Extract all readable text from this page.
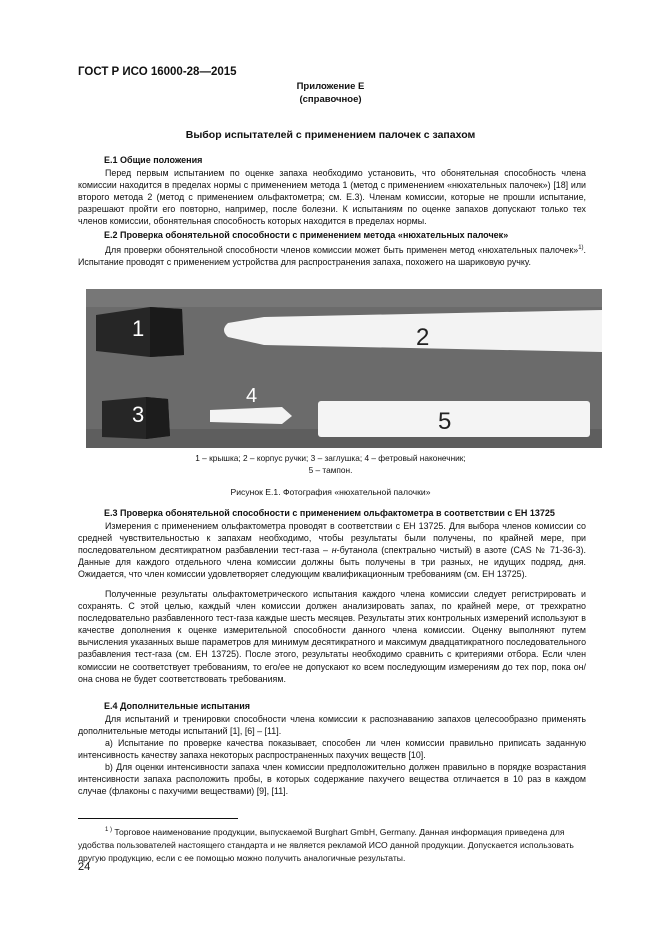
ГОСТ Р ИСО 16000-28—2015
Приложение Е
(справочное)
Выбор испытателей с применением палочек с запахом
Е.1 Общие положения
Перед первым испытанием по оценке запаха необходимо установить, что обонятельная способность члена комиссии находится в пределах нормы с применением метода 1 (метод с применением «нюхательных палочек») [18] или второго метода 2 (метод с применением ольфактометра; см. Е.3). Членам комиссии, которые не прошли испытание, разрешают пройти его повторно, например, после болезни. К испытаниям по оценке запахов допускают только тех членов комиссии, обонятельная способность которых находится в пределах нормы.
Е.2 Проверка обонятельной способности с применением метода «нюхательных палочек»
Для проверки обонятельной способности членов комиссии может быть применен метод «нюхательных палочек»$^{1)}$. Испытание проводят с применением устройства для распространения запаха, похожего на шариковую ручку.
1	2
3
4
5
1 – крышка; 2 – корпус ручки; 3 – заглушка; 4 – фетровый наконечник;
5 – тампон.
Рисунок Е.1. Фотография «нюхательной палочки»
Е.3 Проверка обонятельной способности с применением ольфактометра в соответствии с ЕН 13725
Измерения с применением ольфактометра проводят в соответствии с ЕН 13725. Для выбора членов комиссии со средней чувствительностью к запахам необходимо, чтобы результаты были получены, по крайней мере, при последовательном десятикратном разбавлении тест-газа – н-бутанола (спектрально чистый) в азоте (CAS № 71-36-3). Данные для каждого отдельного члена комиссии должны быть получены в три разных, не идущих подряд, дня. Ожидается, что член комиссии удовлетворяет следующим квалификационным требованиям (см. ЕН 13725).
Полученные результаты ольфактометрического испытания каждого члена комиссии следует регистрировать и сохранять. С этой целью, каждый член комиссии должен анализировать запах, по крайней мере, от трехкратно последовательно разбавленного тест-газа каждые шесть месяцев. Результаты этих контрольных измерений используют в качестве дополнения к оценке измерительной способности данного члена комиссии. Оценку выполняют путем вычисления указанных выше параметров для минимум десятикратного и максимум двадцатикратного последовательного разбавления тест-газа (см. ЕН 13725). После этого, результаты необходимо сравнить с критериями отбора. Если член комиссии не соответствует требованиям, то его/ее не допускают ко всем последующим измерениям до тех пор, пока он/она снова не будет соответствовать требованиям.
Е.4 Дополнительные испытания
Для испытаний и тренировки способности члена комиссии к распознаванию запахов целесообразно применять дополнительные методы испытаний [1], [6] – [11].
a) Испытание по проверке качества показывает, способен ли член комиссии правильно приписать заданную интенсивность качеству запаха некоторых распространенных пахучих веществ [10].
b) Для оценки интенсивности запаха член комиссии предположительно должен правильно в порядке возрастания интенсивности запаха расположить пробы, в которых содержание пахучего вещества отличается в 10 раз в каждом случае (флаконы с пахучими веществами) [9], [11].
$^{1 )}$ Торговое наименование продукции, выпускаемой Burghart GmbH, Germany. Данная информация приведена для удобства пользователей настоящего стандарта и не является рекламой ИСО данной продукции. Допускается использовать другую продукцию, если с ее помощью можно получить аналогичные результаты.
24
